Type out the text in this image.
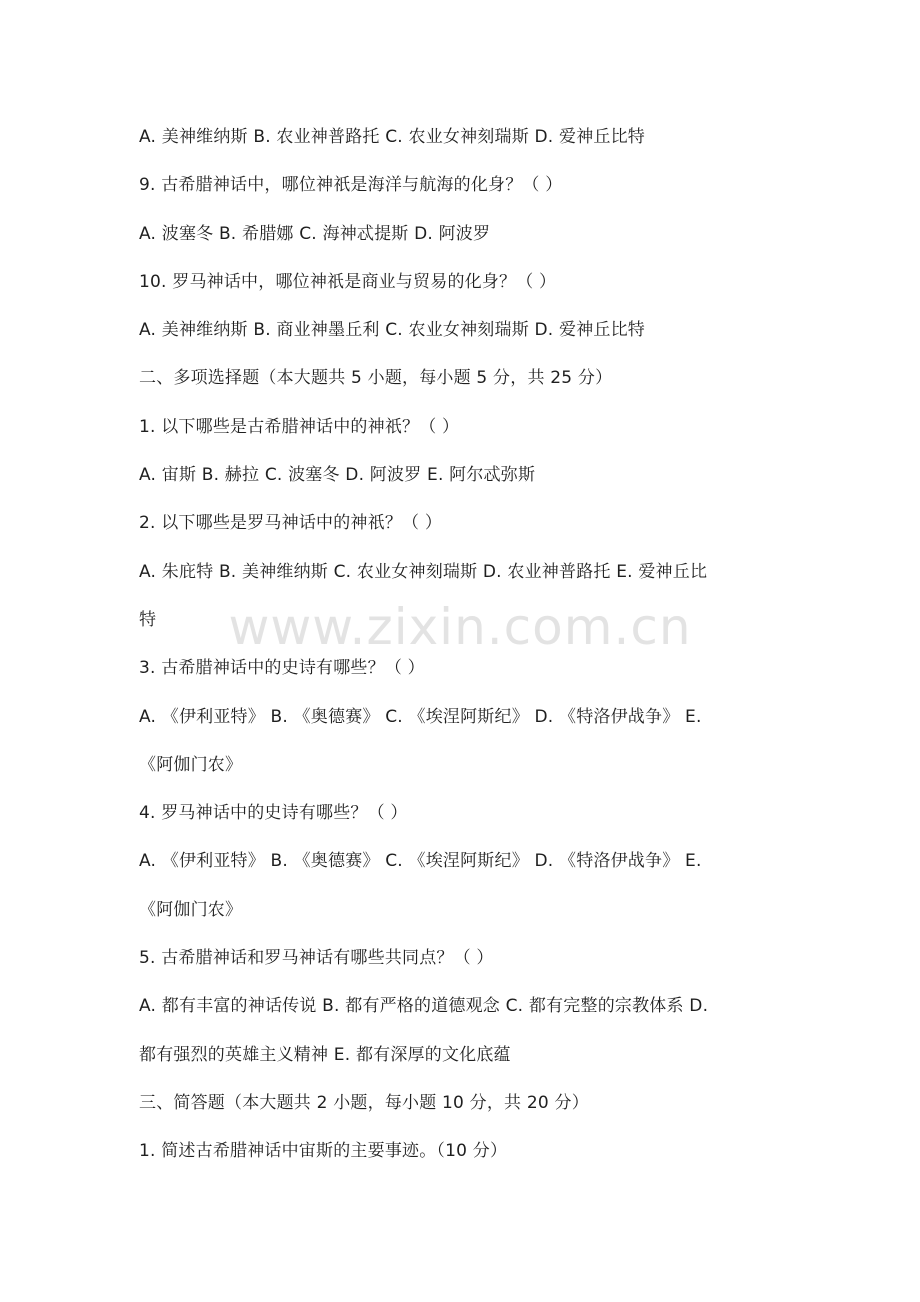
A. 美神维纳斯 B. 农业神普路托 C. 农业女神刻瑞斯 D. 爱神丘比特
9. 古希腊神话中，哪位神祇是海洋与航海的化身？（ ）
A. 波塞冬 B. 希腊娜 C. 海神忒提斯 D. 阿波罗
10. 罗马神话中，哪位神祇是商业与贸易的化身？（ ）
A. 美神维纳斯 B. 商业神墨丘利 C. 农业女神刻瑞斯 D. 爱神丘比特
二、多项选择题（本大题共 5 小题，每小题 5 分，共 25 分）
1. 以下哪些是古希腊神话中的神祇？（ ）
A. 宙斯 B. 赫拉 C. 波塞冬 D. 阿波罗 E. 阿尔忒弥斯
2. 以下哪些是罗马神话中的神祇？（ ）
A. 朱庇特 B. 美神维纳斯 C. 农业女神刻瑞斯 D. 农业神普路托 E. 爱神丘比
特
3. 古希腊神话中的史诗有哪些？（ ）
A. 《伊利亚特》 B. 《奥德赛》 C. 《埃涅阿斯纪》 D. 《特洛伊战争》 E.
《阿伽门农》
4. 罗马神话中的史诗有哪些？（ ）
A. 《伊利亚特》 B. 《奥德赛》 C. 《埃涅阿斯纪》 D. 《特洛伊战争》 E.
《阿伽门农》
5. 古希腊神话和罗马神话有哪些共同点？（ ）
A. 都有丰富的神话传说 B. 都有严格的道德观念 C. 都有完整的宗教体系 D.
都有强烈的英雄主义精神 E. 都有深厚的文化底蕴
三、简答题（本大题共 2 小题，每小题 10 分，共 20 分）
1. 简述古希腊神话中宙斯的主要事迹。（10 分）
www.zixin.com.cn
